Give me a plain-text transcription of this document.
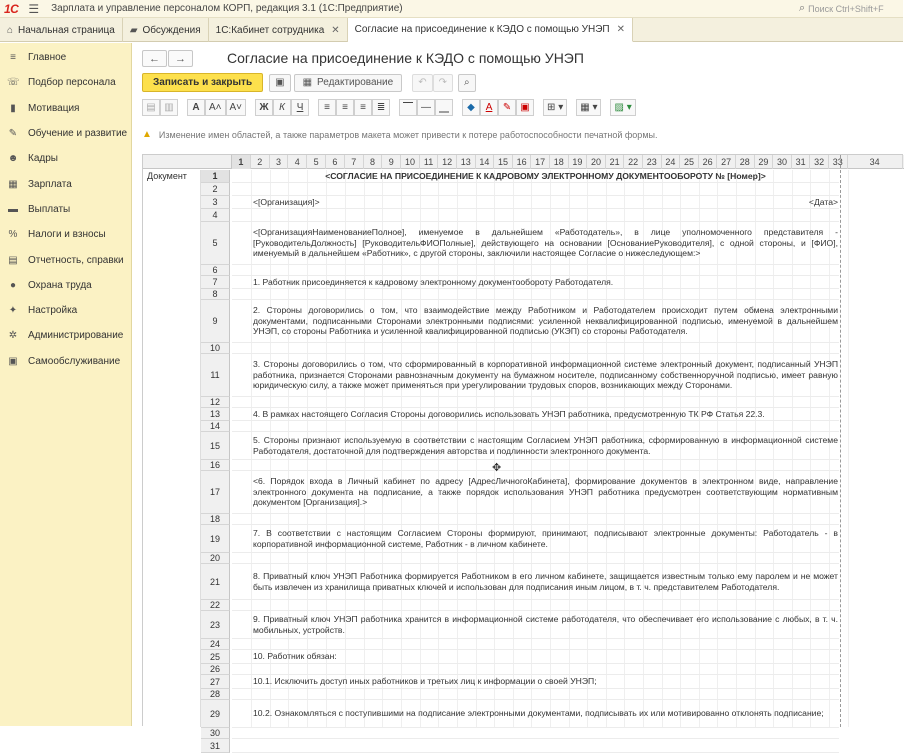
1С ☰ Зарплата и управление персоналом КОРП, редакция 3.1 (1С:Предприятие)	⌕ Поиск Ctrl+Shift+F
⌂ Начальная страница ▰ Обсуждения 1С:Кабинет сотрудника ✕ Согласие на присоединение к КЭДО с помощью УНЭП ✕
≡	Главное
☏ Подбор персонала
▮	Мотивация
✎ Обучение и развитие
☻ Кадры
▦ Зарплата
▬ Выплаты
% Налоги и взносы
▤ Отчетность, справки
● Охрана труда
✦ Настройка
✲ Администрирование
▣ Самообслуживание
← →	Согласие на присоединение к КЭДО с помощью УНЭП
Записать и закрыть	▣ ▦ Редактирование	↶ ↷ ⌕
▤ ▥ A A˄ A˅ Ж К Ч ≡ ≡ ≡ ≣ ⎺ — ⎽ ◆ A ✎ ▣ ⊞ ▾ ▦ ▾ ▨ ▾
▲ Изменение имен областей, а также параметров макета может привести к потере работоспособности печатной формы.
1	2	3	4	5	6	7	8	9	10 11 12 13 14 15 16 17 18 19 20 21 22 23 24 25 26 27 28 29 30 31 32 33	34
Документ	1	<СОГЛАСИЕ НА ПРИСОЕДИНЕНИЕ К КАДРОВОМУ ЭЛЕКТРОННОМУ ДОКУМЕНТООБОРОТУ № [Номер]>
2
3	<[Организация]>	<Дата>
4
5
<[ОрганизацияНаименованиеПолное], именуемое в дальнейшем «Работодатель», в лице уполномоченного представителя - [РуководительДолжность] [РуководительФИОПолные], действующего на основании [ОснованиеРуководителя], с одной стороны, и [ФИО], именуемый в дальнейшем «Работник», с другой стороны, заключили настоящее Согласие о нижеследующем:>
6
7	1. Работник присоединяется к кадровому электронному документообороту Работодателя.
8
9
2. Стороны договорились о том, что взаимодействие между Работником и Работодателем происходит путем обмена электронными документами, подписанными Сторонами электронными подписями: усиленной неквалифицированной подписью, именуемой в дальнейшем УНЭП, со стороны Работника и усиленной квалифицированной подписью (УКЭП) со стороны Работодателя.
10
11
3. Стороны договорились о том, что сформированный в корпоративной информационной системе электронный документ, подписанный УНЭП работника, признается Сторонами равнозначным документу на бумажном носителе, подписанному собственноручной подписью, имеет равную юридическую силу, а также может применяться при урегулировании трудовых споров, возникающих между Сторонами.
12
13	4. В рамках настоящего Согласия Стороны договорились использовать УНЭП работника, предусмотренную ТК РФ Статья 22.3.
14
15
5. Стороны признают используемую в соответствии с настоящим Согласием УНЭП работника, сформированную в информационной системе Работодателя, достаточной для подтверждения авторства и подлинности электронного документа.
16
17
<6. Порядок входа в Личный кабинет по адресу [АдресЛичногоКабинета], формирование документов в электронном виде, направление электронного документа на подписание, а также порядок использования УНЭП работника предусмотрен соответствующим нормативным документом [Организация].>
18
19
7. В соответствии с настоящим Согласием Стороны формируют, принимают, подписывают электронные документы: Работодатель - в корпоративной информационной системе, Работник - в личном кабинете.
20
21
8. Приватный ключ УНЭП Работника формируется Работником в его личном кабинете, защищается известным только ему паролем и не может быть извлечен из хранилища приватных ключей и использован для подписания иным лицом, в т. ч. представителем Работодателя.
22
23
9. Приватный ключ УНЭП работника хранится в информационной системе работодателя, что обеспечивает его использование с любых, в т. ч. мобильных, устройств.
24
25	10. Работник обязан:
26
27	10.1. Исключить доступ иных работников и третьих лиц к информации о своей УНЭП;
28
29	10.2. Ознакомляться с поступившими на подписание электронными документами, подписывать их или мотивированно отклонять подписание;
30
31
✥
